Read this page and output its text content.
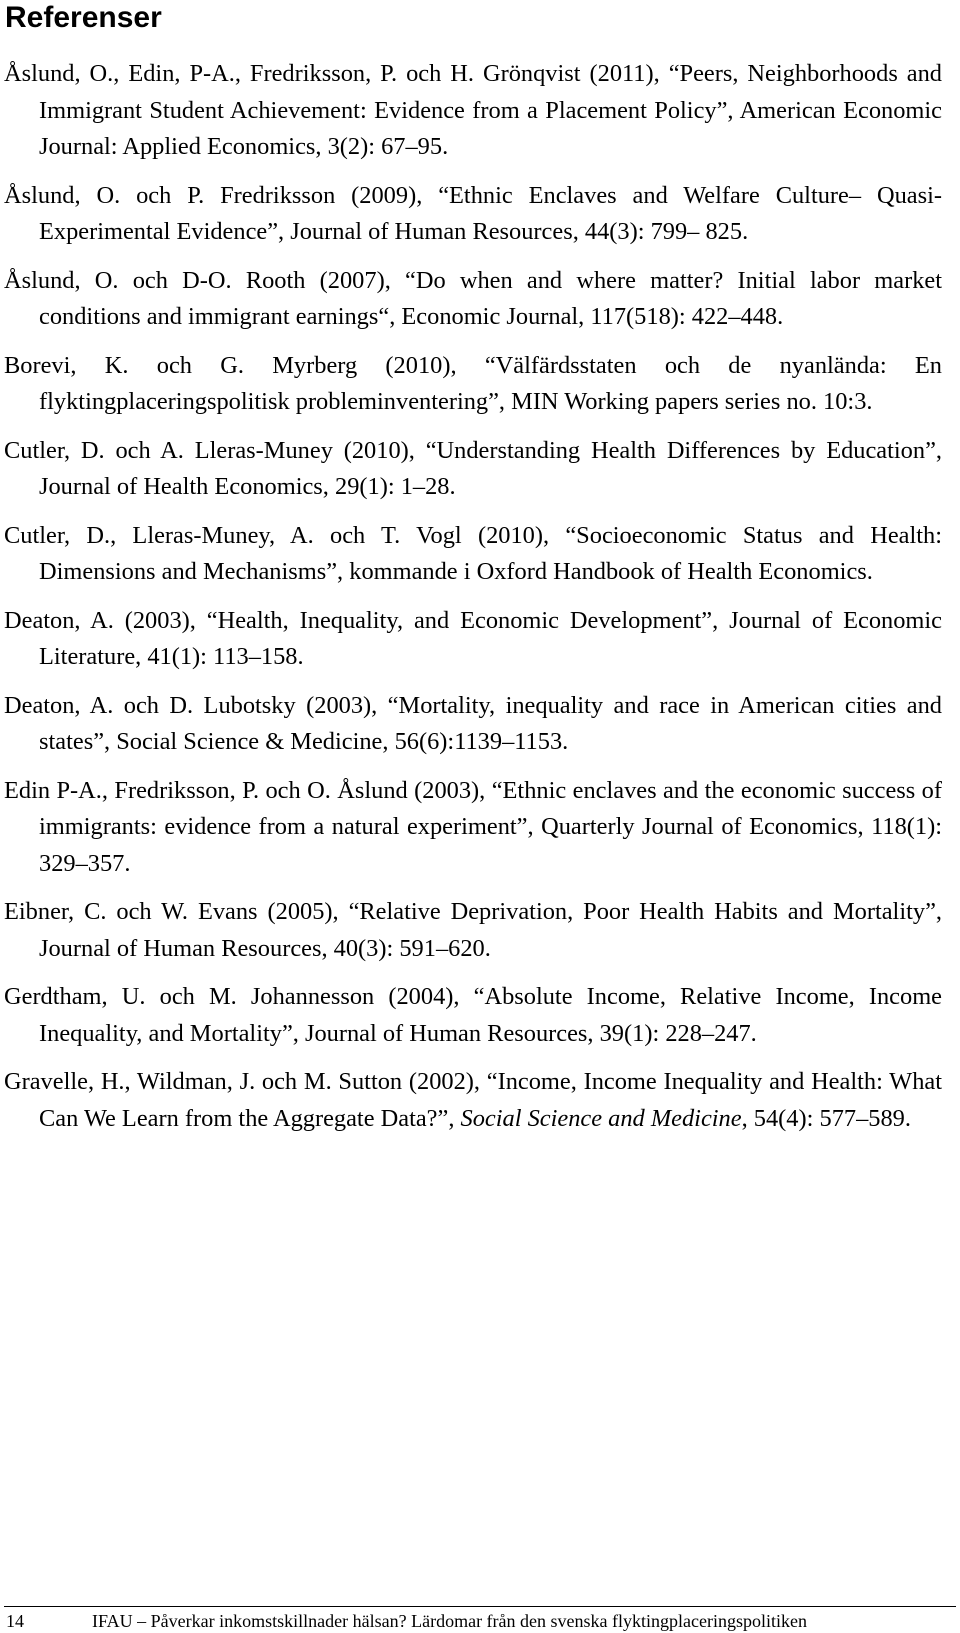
Referenser

Åslund, O., Edin, P-A., Fredriksson, P. och H. Grönqvist (2011), “Peers, Neighborhoods and Immigrant Student Achievement: Evidence from a Placement Policy”, American Economic Journal: Applied Economics, 3(2): 67–95.

Åslund, O. och P. Fredriksson (2009), “Ethnic Enclaves and Welfare Culture– Quasi-Experimental Evidence”, Journal of Human Resources, 44(3): 799– 825.

Åslund, O. och D-O. Rooth (2007), “Do when and where matter? Initial labor market conditions and immigrant earnings“, Economic Journal, 117(518): 422–448.

Borevi, K. och G. Myrberg (2010), “Välfärdsstaten och de nyanlända: En flyktingplaceringspolitisk probleminventering”, MIN Working papers series no. 10:3.

Cutler, D. och A. Lleras-Muney (2010), “Understanding Health Differences by Education”, Journal of Health Economics, 29(1): 1–28.

Cutler, D., Lleras-Muney, A. och T. Vogl (2010), “Socioeconomic Status and Health: Dimensions and Mechanisms”, kommande i Oxford Handbook of Health Economics.

Deaton, A. (2003), “Health, Inequality, and Economic Development”, Journal of Economic Literature, 41(1): 113–158.

Deaton, A. och D. Lubotsky (2003), “Mortality, inequality and race in American cities and states”, Social Science & Medicine, 56(6):1139–1153.

Edin P-A., Fredriksson, P. och O. Åslund (2003), “Ethnic enclaves and the economic success of immigrants: evidence from a natural experiment”, Quarterly Journal of Economics, 118(1): 329–357.

Eibner, C. och W. Evans (2005), “Relative Deprivation, Poor Health Habits and Mortality”, Journal of Human Resources, 40(3): 591–620.

Gerdtham, U. och M. Johannesson (2004), “Absolute Income, Relative Income, Income Inequality, and Mortality”, Journal of Human Resources, 39(1): 228–247.

Gravelle, H., Wildman, J. och M. Sutton (2002), “Income, Income Inequality and Health: What Can We Learn from the Aggregate Data?”, Social Science and Medicine, 54(4): 577–589.

14	IFAU – Påverkar inkomstskillnader hälsan? Lärdomar från den svenska flyktingplaceringspolitiken
